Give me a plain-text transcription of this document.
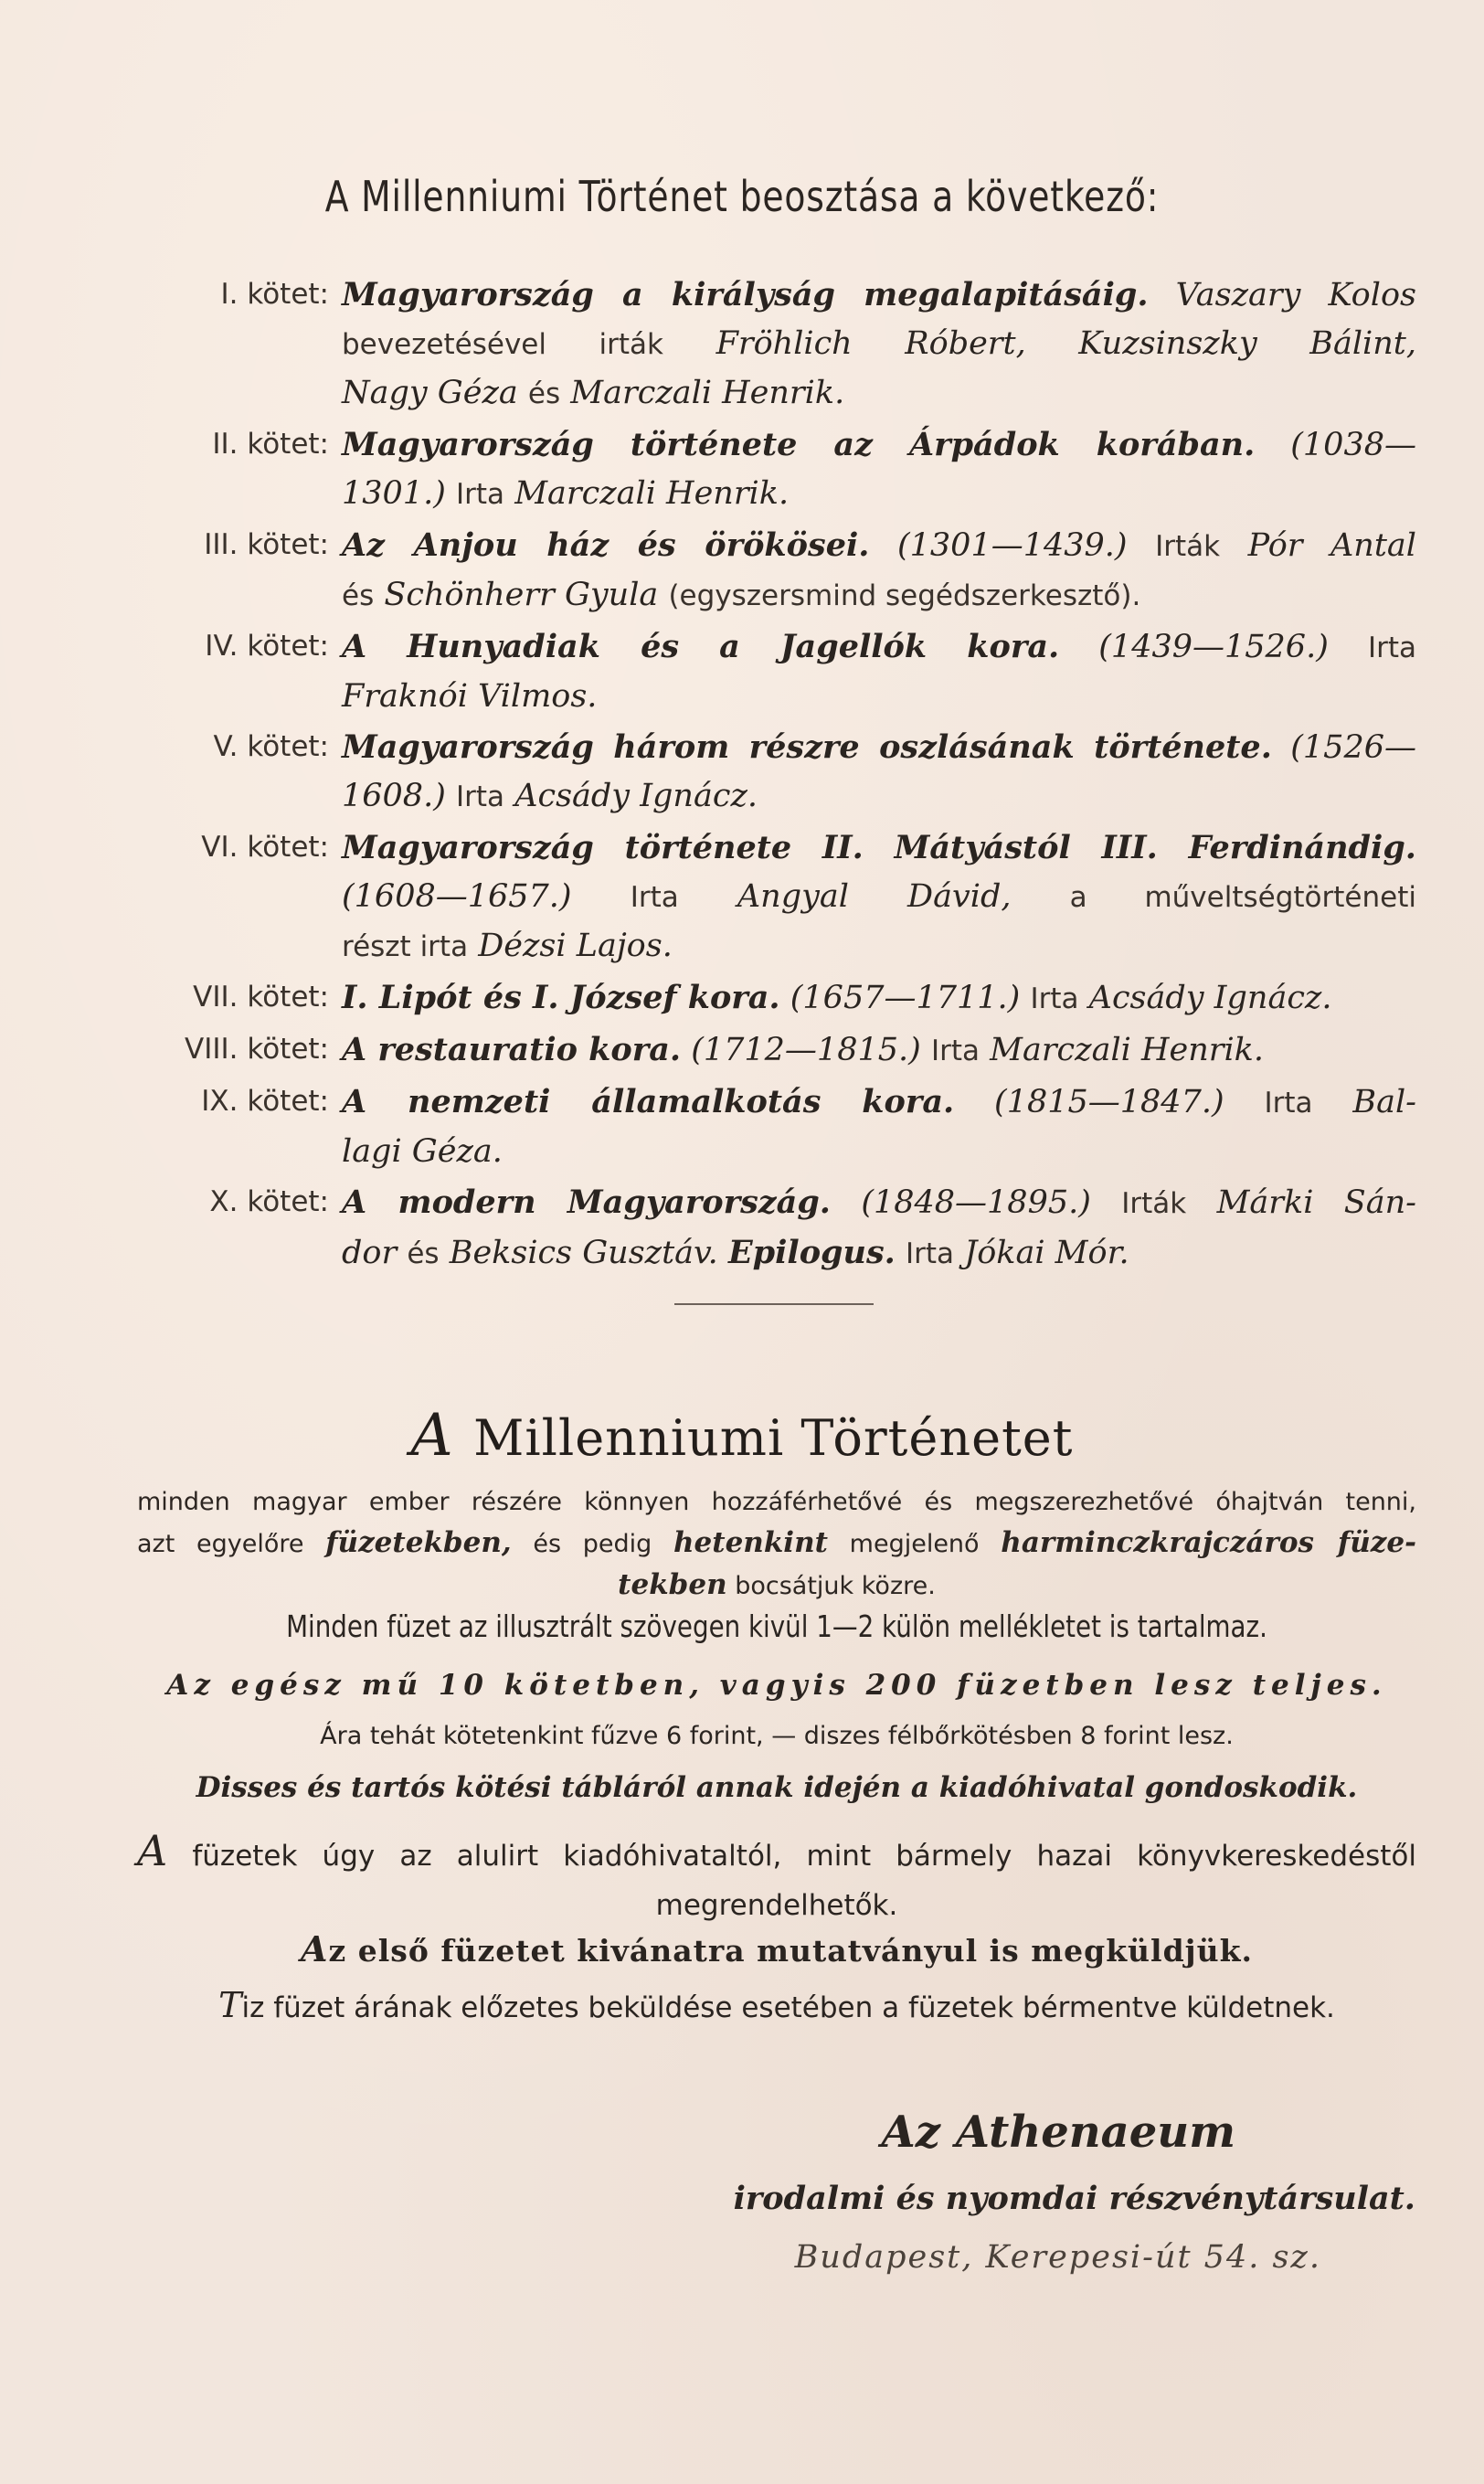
A Millenniumi Történet beosztása a következő:
I. kötet: Magyarország a királyság megalapitásáig. Vaszary Kolos
bevezetésével irták Fröhlich Róbert, Kuzsinszky Bálint,
Nagy Géza és Marczali Henrik.
II. kötet: Magyarország története az Árpádok korában. (1038—
1301.) Irta Marczali Henrik.
III. kötet: Az Anjou ház és örökösei. (1301—1439.) Irták Pór Antal
és Schönherr Gyula (egyszersmind segédszerkesztő).
IV. kötet: A Hunyadiak és a Jagellók kora. (1439—1526.) Irta
Fraknói Vilmos.
V. kötet: Magyarország három részre oszlásának története. (1526—
1608.) Irta Acsády Ignácz.
VI. kötet: Magyarország története II. Mátyástól III. Ferdinándig.
(1608—1657.) Irta Angyal Dávid, a műveltségtörténeti
részt irta Dézsi Lajos.
VII. kötet: I. Lipót és I. József kora. (1657—1711.) Irta Acsády Ignácz.
VIII. kötet: A restauratio kora. (1712—1815.) Irta Marczali Henrik.
IX. kötet: A nemzeti államalkotás kora. (1815—1847.) Irta Bal-
lagi Géza.
X. kötet: A modern Magyarország. (1848—1895.) Irták Márki Sán-
dor és Beksics Gusztáv. Epilogus. Irta Jókai Mór.
A Millenniumi Történetet
minden magyar ember részére könnyen hozzáférhetővé és megszerezhetővé óhajtván tenni,
azt egyelőre füzetekben, és pedig hetenkint megjelenő harminczkrajczáros füze-
tekben bocsátjuk közre.
Minden füzet az illusztrált szövegen kivül 1—2 külön mellékletet is tartalmaz.
Az egész mű 10 kötetben, vagyis 200 füzetben lesz teljes.
Ára tehát kötetenkint fűzve 6 forint, — diszes félbőrkötésben 8 forint lesz.
Disses és tartós kötési tábláról annak idején a kiadóhivatal gondoskodik.
A füzetek úgy az alulirt kiadóhivataltól, mint bármely hazai könyvkereskedéstől
megrendelhetők.
Az első füzetet kivánatra mutatványul is megküldjük.
Tiz füzet árának előzetes beküldése esetében a füzetek bérmentve küldetnek.
Az Athenaeum
irodalmi és nyomdai részvénytársulat.
Budapest, Kerepesi-út 54. sz.
